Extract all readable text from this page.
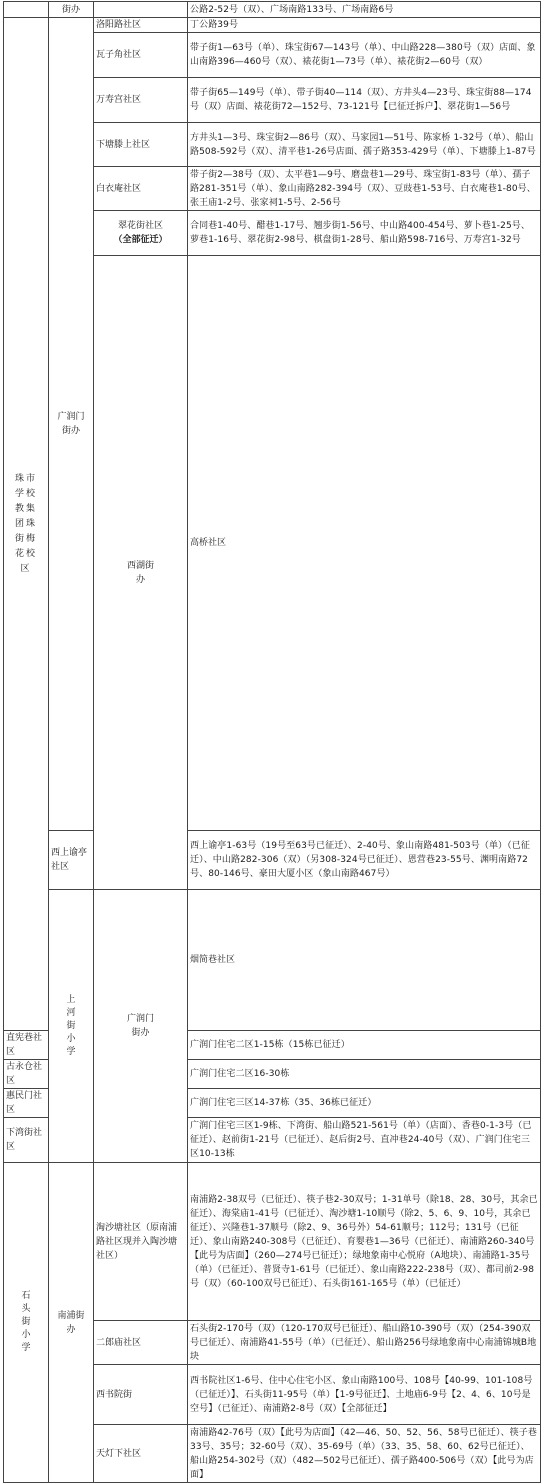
	街办		公路2-52号（双）、广场南路133号、广场南路6号	

珠市学校教集团珠街梅花校区	广润门街办	洛阳路社区	丁公路39号	
		瓦子角社区	带子街1—63号（单）、珠宝街67—143号（单）、中山路228—380号（双）店面、象山南路396—460号（双）、裱花街1—73号（单）、裱花街2—60号（双）	
		万寿宫社区	带子街65—149号（单）、带子街40—114（双）、方井头4—23号、珠宝街88—174号（双）店面、裱花街72—152号、73-121号【已征迁拆户】、翠花街1—56号	
		下塘滕上社区	方井头1—3号、珠宝街2—86号（双）、马家园1—51号、陈家桥 1-32号（单）、船山路508-592号（双）、清平巷1-26号店面、孺子路353-429号（单）、下塘滕上1-87号	
		白衣庵社区	带子街2—38号（双）、太平巷1—9号、磨盘巷1—29号、珠宝街1-83号（单）、孺子路281-351号（单）、象山南路282-394号（双）、豆豉巷1-53号、白衣庵巷1-80号、张王庙1-2号、张家祠1-5号、2-56号	

		翠花街社区
（全部征迁）	合同巷1-40号、醋巷1-17号、翘步街1-56号、中山路400-454号、萝卜巷1-25号、萝巷1-16号、翠花街2-98号、棋盘街1-28号、船山路598-716号、万寿宫1-32号	

		西湖街办	高桥社区	
	西上谕亭社区		西上谕亭1-63号（19号至63号已征迁）、2-40号、象山南路481-503号（单）（已征迁）、中山路282-306（双）（另308-324号已征迁）、恩营巷23-55号、渊明南路72号、80-146号、豪田大厦小区（象山南路467号）	

	上河街小学	广润门街办	烟简巷社区	
直宪巷社区			广润门住宅二区1-15栋（15栋已征迁）	
古永仓社区			广润门住宅二区16-30栋	
惠民门社区			广润门住宅三区14-37栋（35、36栋已征迁）	
下湾街社区			广润门住宅三区1-9栋、下湾街、船山路521-561号（单）（店面）、香巷0-1-3号（已征迁）、赵前街1-21号（已征迁）、赵后街2号、直冲巷24-40号（双）、广润门住宅三区10-13栋	

石头街小学	南浦街办	淘沙塘社区（原南浦路社区现并入陶沙塘社区）	南浦路2-38双号（已征迁）、筷子巷2-30双号；1-31单号（除18、28、30号，其余已征迁）、海棠庙1-41号（已征迁）、淘沙塘1-10顺号（除2、5、6、9、10号，其余已征迁）、兴隆巷1-37顺号（除2、9、36号外）54-61顺号；112号；131号（已征迁）、象山南路240-308号（已征迁）、育婴巷1—36号（已征迁）、南浦路260-340号【此号为店面】（260—274号已征迁）；绿地象南中心悦府（A地块）、南浦路1-35号（单）（已征迁）、普贤寺1-61号（已征迁）、象山南路222-238号（双）、都司前2-98号（双）（60-100双号已征迁）、石头街161-165号（单）（已征迁）	
		二郎庙社区	石头街2-170号（双）（120-170双号已征迁）、船山路10-390号（双）（254-390双号已征迁）、南浦路41-55号（单）（已征迁）、船山路256号绿地象南中心南浦锦城B地块	
		西书院街	西书院社区1-6号、住中心住宅小区、象山南路100号、108号【40-99、101-108号（已征迁）】、石头街11-95号（单）【1-9号征迁】、土地庙6-9号【2、4、6、10号是空号】（已征迁）、南浦路2-8号（双）【全部征迁】	
		天灯下社区	南浦路42-76号（双）【此号为店面】（42—46、50、52、56、58号已征迁）、筷子巷33号、35号；32-60号（双）、35-69号（单）（33、35、58、60、62号已征迁）、船山路254-302号（双）（482—502号已征迁）、孺子路400-506号（双）【此号为店面】	
